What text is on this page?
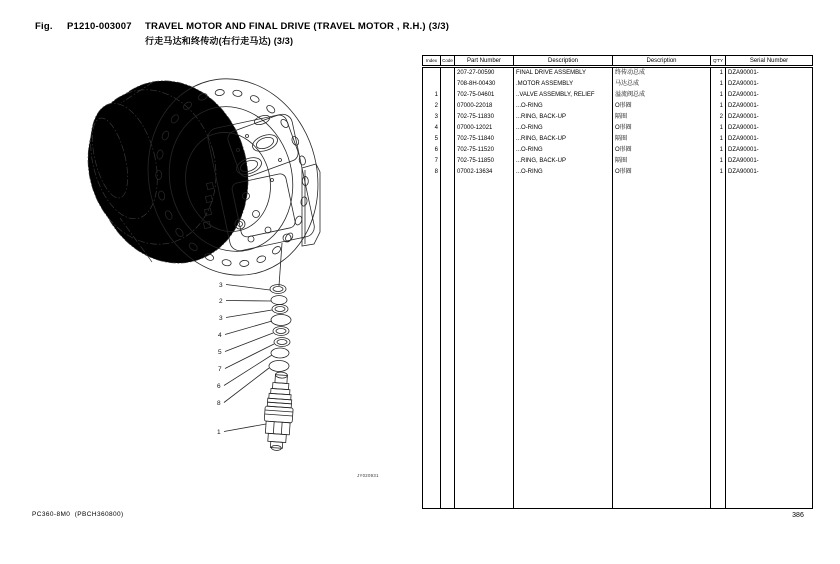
Fig.	P1210-003007	TRAVEL MOTOR AND FINAL DRIVE (TRAVEL MOTOR , R.H.) (3/3)
行走马达和终传动(右行走马达) (3/3)
3
2
3
4
5
7
6
8
1
JY020931
Index	Code	Part Number	Description	Description	Q'TY	Serial Number
		207-27-00590	FINAL DRIVE ASSEMBLY	终传动总成	1	DZA90001-
		708-8H-00430	.MOTOR ASSEMBLY	马达总成	1	DZA90001-
1		702-75-04601	..VALVE ASSEMBLY, RELIEF	溢流阀总成	1	DZA90001-
2		07000-22018	...O-RING	O形圈	1	DZA90001-
3		702-75-11830	...RING, BACK-UP	隔圈	2	DZA90001-
4		07000-12021	...O-RING	O形圈	1	DZA90001-
5		702-75-11840	...RING, BACK-UP	隔圈	1	DZA90001-
6		702-75-11520	...O-RING	O形圈	1	DZA90001-
7		702-75-11850	...RING, BACK-UP	隔圈	1	DZA90001-
8		07002-13634	...O-RING	O形圈	1	DZA90001-

PC360-8M0 (PBCH360800)	386
